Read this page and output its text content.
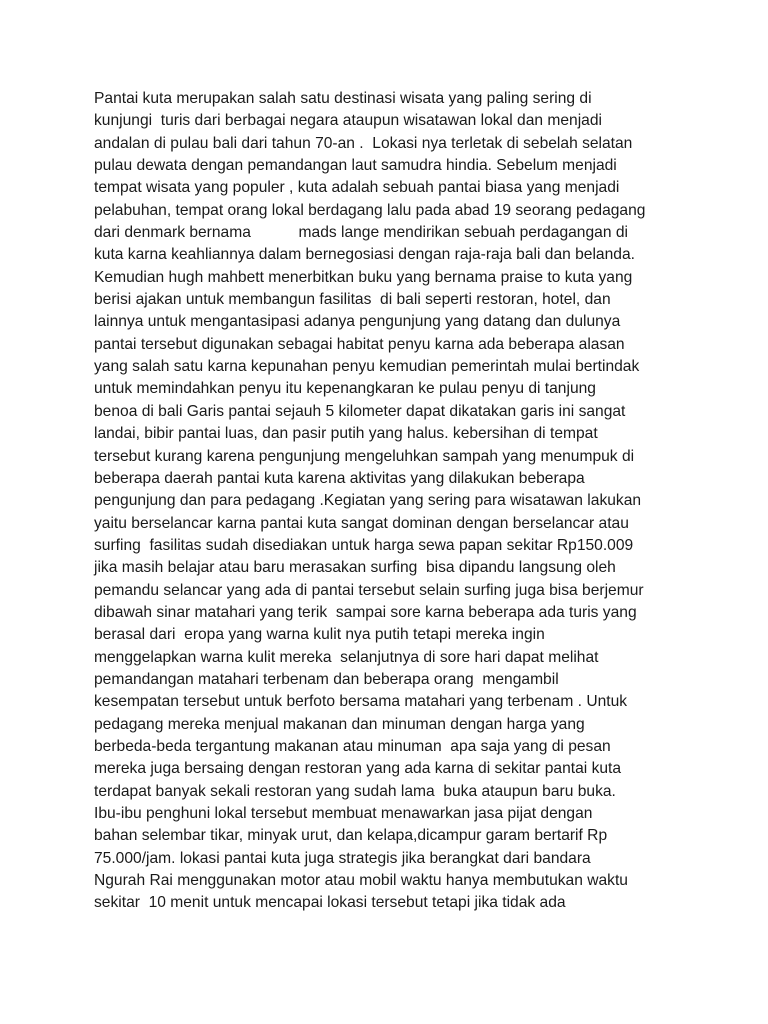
Pantai kuta merupakan salah satu destinasi wisata yang paling sering di
kunjungi  turis dari berbagai negara ataupun wisatawan lokal dan menjadi
andalan di pulau bali dari tahun 70-an .  Lokasi nya terletak di sebelah selatan
pulau dewata dengan pemandangan laut samudra hindia. Sebelum menjadi
tempat wisata yang populer , kuta adalah sebuah pantai biasa yang menjadi
pelabuhan, tempat orang lokal berdagang lalu pada abad 19 seorang pedagang
dari denmark bernama           mads lange mendirikan sebuah perdagangan di
kuta karna keahliannya dalam bernegosiasi dengan raja-raja bali dan belanda.
Kemudian hugh mahbett menerbitkan buku yang bernama praise to kuta yang
berisi ajakan untuk membangun fasilitas  di bali seperti restoran, hotel, dan
lainnya untuk mengantasipasi adanya pengunjung yang datang dan dulunya
pantai tersebut digunakan sebagai habitat penyu karna ada beberapa alasan
yang salah satu karna kepunahan penyu kemudian pemerintah mulai bertindak
untuk memindahkan penyu itu kepenangkaran ke pulau penyu di tanjung
benoa di bali Garis pantai sejauh 5 kilometer dapat dikatakan garis ini sangat
landai, bibir pantai luas, dan pasir putih yang halus. kebersihan di tempat
tersebut kurang karena pengunjung mengeluhkan sampah yang menumpuk di
beberapa daerah pantai kuta karena aktivitas yang dilakukan beberapa
pengunjung dan para pedagang .Kegiatan yang sering para wisatawan lakukan
yaitu berselancar karna pantai kuta sangat dominan dengan berselancar atau
surfing  fasilitas sudah disediakan untuk harga sewa papan sekitar Rp150.009
jika masih belajar atau baru merasakan surfing  bisa dipandu langsung oleh
pemandu selancar yang ada di pantai tersebut selain surfing juga bisa berjemur
dibawah sinar matahari yang terik  sampai sore karna beberapa ada turis yang
berasal dari  eropa yang warna kulit nya putih tetapi mereka ingin
menggelapkan warna kulit mereka  selanjutnya di sore hari dapat melihat
pemandangan matahari terbenam dan beberapa orang  mengambil
kesempatan tersebut untuk berfoto bersama matahari yang terbenam . Untuk
pedagang mereka menjual makanan dan minuman dengan harga yang
berbeda-beda tergantung makanan atau minuman  apa saja yang di pesan
mereka juga bersaing dengan restoran yang ada karna di sekitar pantai kuta
terdapat banyak sekali restoran yang sudah lama  buka ataupun baru buka.
Ibu-ibu penghuni lokal tersebut membuat menawarkan jasa pijat dengan
bahan selembar tikar, minyak urut, dan kelapa,dicampur garam bertarif Rp
75.000/jam. lokasi pantai kuta juga strategis jika berangkat dari bandara
Ngurah Rai menggunakan motor atau mobil waktu hanya membutukan waktu
sekitar  10 menit untuk mencapai lokasi tersebut tetapi jika tidak ada
